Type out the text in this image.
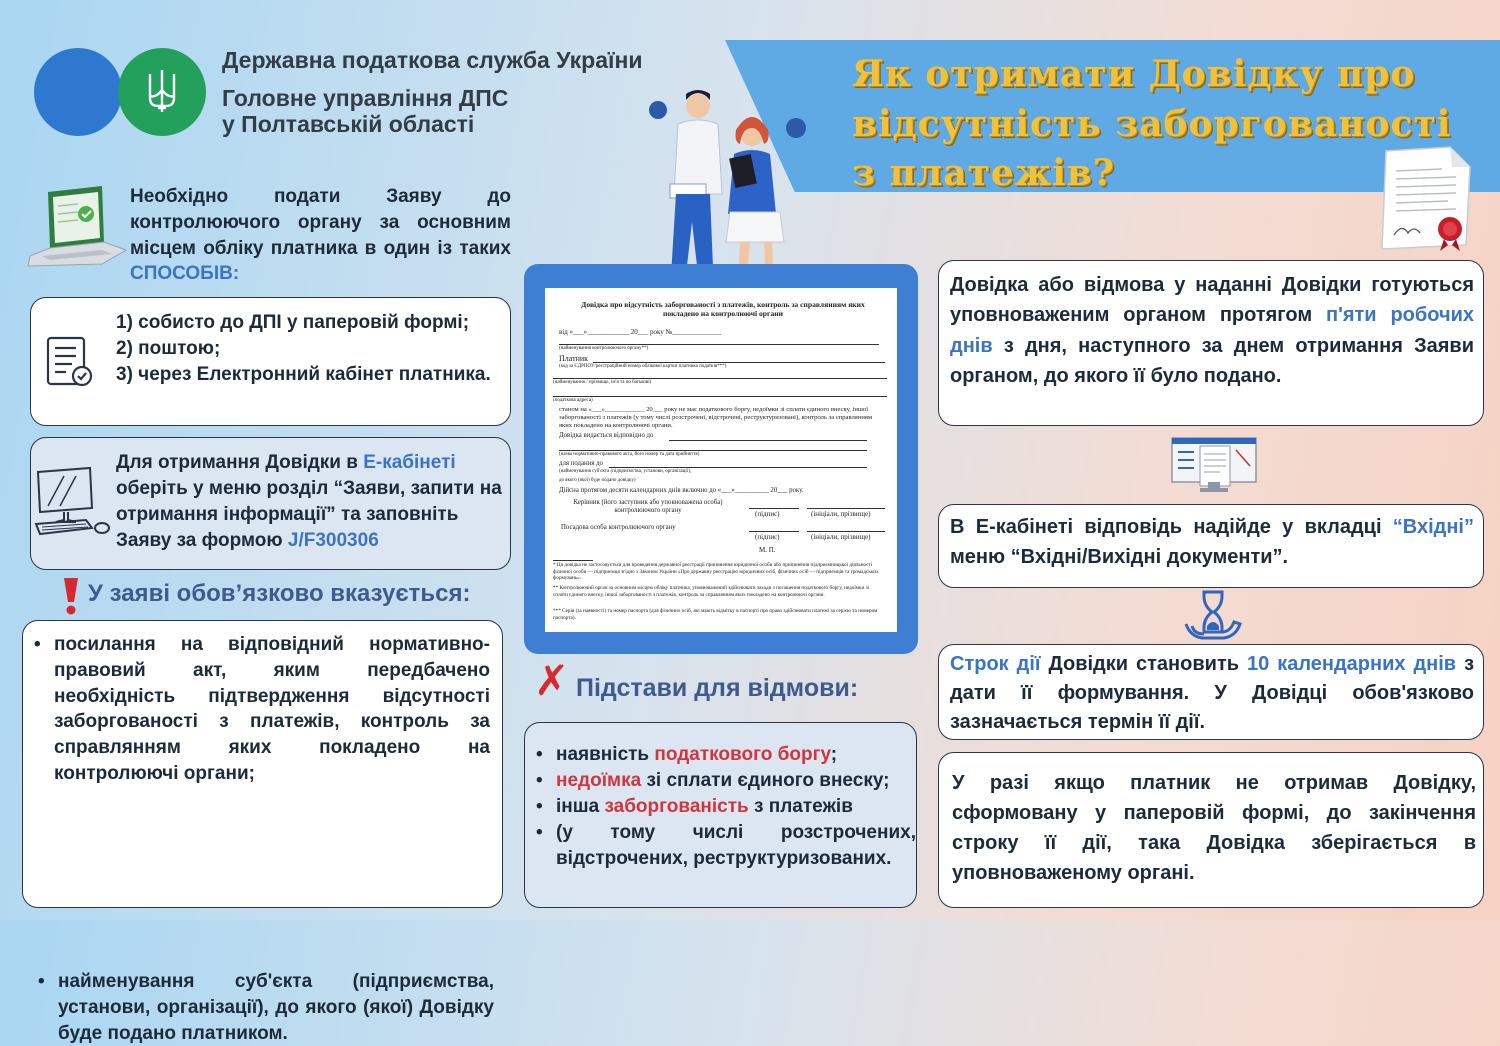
Державна податкова служба України
Головне управління ДПС
у Полтавській області
Як отримати Довідку про
відсутність заборгованості
з платежів?
Необхідно подати Заяву до контролюючого органу за основним місцем обліку платника в один із таких СПОСОБІВ:
1) собисто до ДПІ у паперовій формі;
2) поштою;
3) через Електронний кабінет платника.
Для отримання Довідки в Е-кабінеті оберіть у меню розділ “Заяви, запити на отримання інформації” та заповніть Заяву за формою J/F300306
У заяві обов’язково вказується:
• посилання на відповідний нормативно-правовий акт, яким передбачено необхідність підтвердження відсутності заборгованості з платежів, контроль за справлянням яких покладено на контролюючі органи;
• найменування суб'єкта (підприємства, установи, організації), до якого (якої) Довідку буде подано платником.
Довідка про відсутність заборгованості з платежів, контроль за справлянням яких покладено на контролюючі органи
від «___»____________ 20___ року №______________
(найменування контролюючого органу**)
Платник
(код за ЄДРПОУ/реєстраційний номер облікової картки платника податків***)
(найменування / прізвище, ім'я та по батькові)
(податкова адреса)
станом на «___»____________ 20___ року не має податкового боргу, недоїмки зі сплати єдиного внеску, іншої заборгованості з платежів (у тому числі розстрочені, відстрочені, реструктуризовані), контроль за справлянням яких покладено на контролюючі органи.
Довідка видається відповідно до
(назва нормативно-правового акта, його номер та дата прийняття)
для подання до
(найменування суб'єкта (підприємства, установи, організації),
до якого (якої) буде подано довідку)
Дійсна протягом десяти календарних днів включно до «___»__________ 20___ року.
Керівник (його заступник або уповноважена особа) контролюючого органу	(підпис)	(ініціали, прізвище)
Посадова особа контролюючого органу
(підпис)	(ініціали, прізвище)
М. П.
* Ця довідка не застосовується для проведення державної реєстрації припинення юридичної особи або припинення підприємницької діяльності фізичної особи — підприємця згідно з Законом України «Про державну реєстрацію юридичних осіб, фізичних осіб — підприємців та громадських формувань».
** Контролюючий орган за основним місцем обліку платника, уповноважений здійснювати заходи з погашення податкового боргу, недоїмки зі сплати єдиного внеску, іншої заборгованості з платежів, контроль за справлянням яких покладено на контролюючі органи.
*** Серія (за наявності) та номер паспорта (для фізичних осіб, які мають відмітку в паспорті про право здійснювати платежі за серією та номером паспорта).
✗ Підстави для відмови:
• наявність податкового боргу;
• недоїмка зі сплати єдиного внеску;
• інша заборгованість з платежів
• (у тому числі розстрочених, відстрочених, реструктуризованих.
Довідка або відмова у наданні Довідки готуються уповноваженим органом протягом п'яти робочих днів з дня, наступного за днем отримання Заяви органом, до якого її було подано.
В Е-кабінеті відповідь надійде у вкладці “Вхідні” меню “Вхідні/Вихідні документи”.
Строк дії Довідки становить 10 календарних днів з дати її формування. У Довідці обов'язково зазначається термін її дії.
У разі якщо платник не отримав Довідку, сформовану у паперовій формі, до закінчення строку її дії, така Довідка зберігається в уповноваженому органі.
